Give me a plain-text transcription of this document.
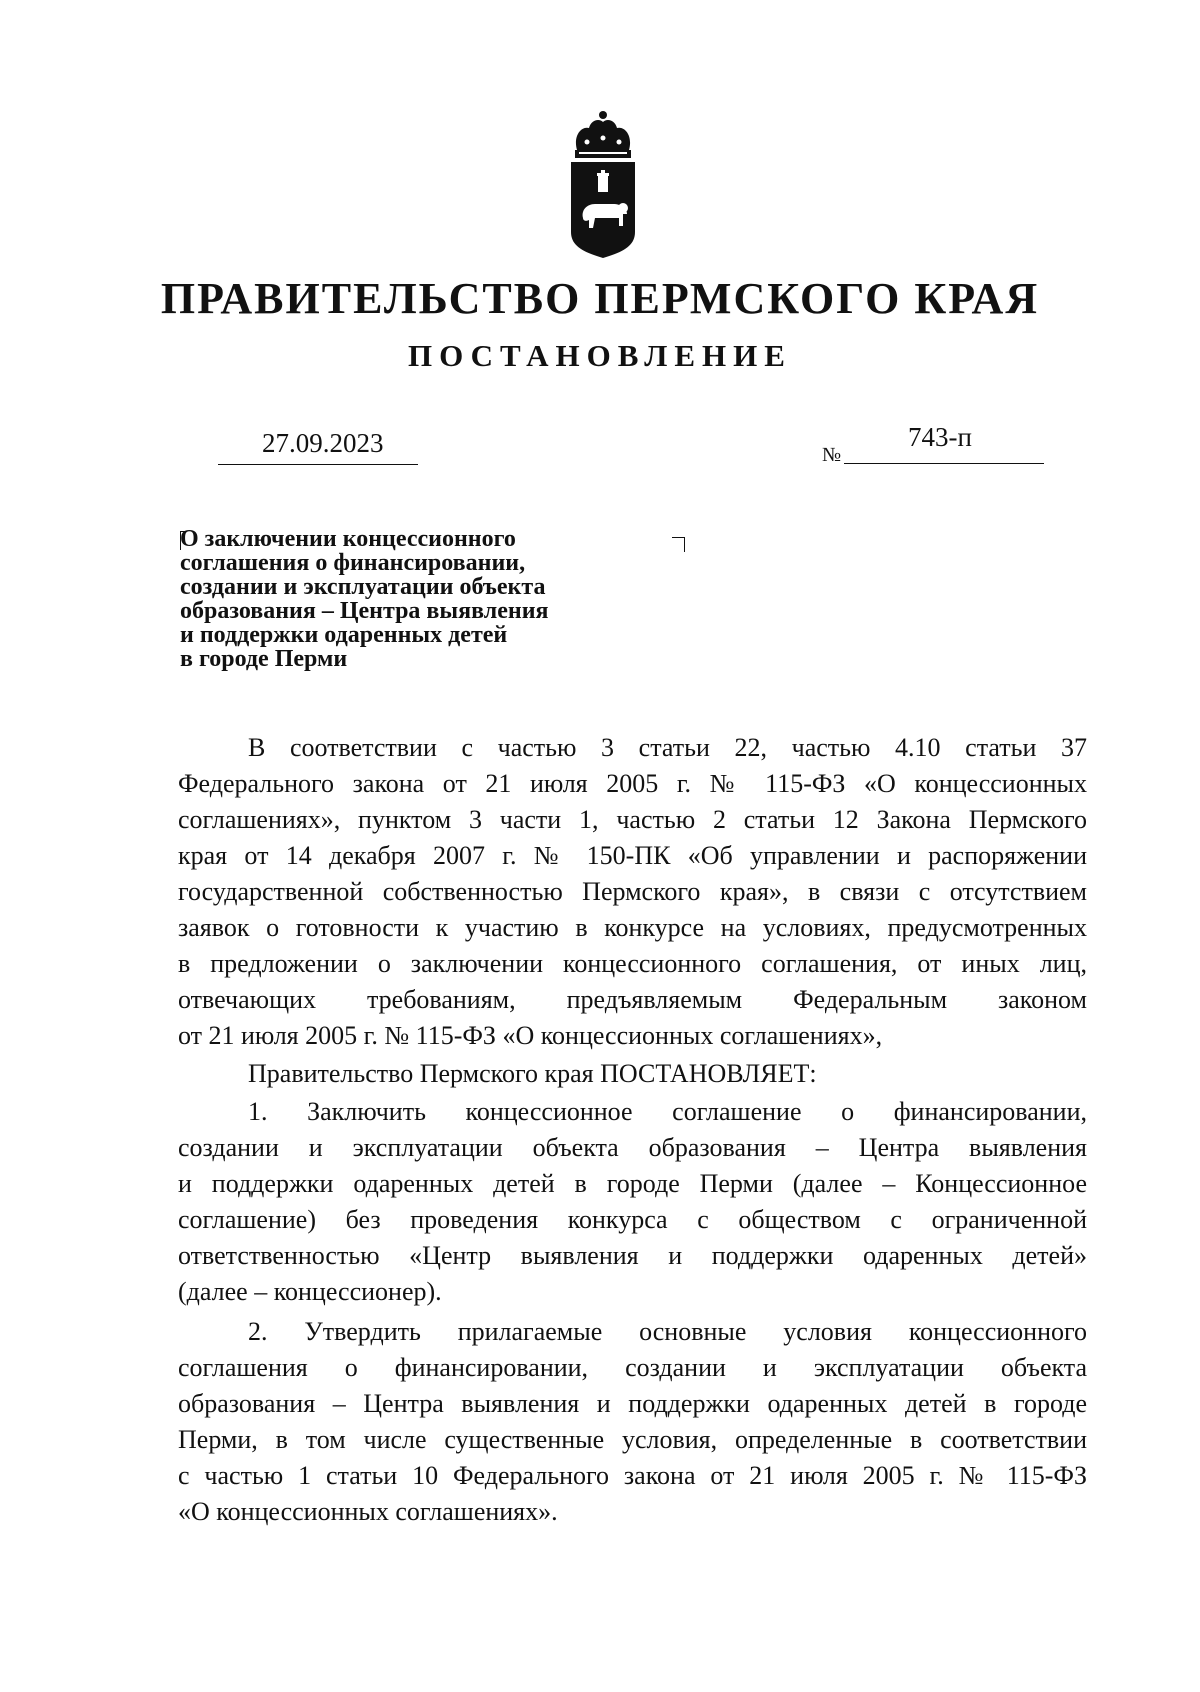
ПРАВИТЕЛЬСТВО ПЕРМСКОГО КРАЯ
ПОСТАНОВЛЕНИЕ
27.09.2023	№
743-п
О заключении концессионного
соглашения о финансировании,
создании и эксплуатации объекта
образования – Центра выявления
и поддержки одаренных детей
в городе Перми
В соответствии с частью 3 статьи 22, частью 4.10 статьи 37
Федерального закона от 21 июля 2005 г. № 115-ФЗ «О концессионных
соглашениях», пунктом 3 части 1, частью 2 статьи 12 Закона Пермского
края от 14 декабря 2007 г. № 150-ПК «Об управлении и распоряжении
государственной собственностью Пермского края», в связи с отсутствием
заявок о готовности к участию в конкурсе на условиях, предусмотренных
в предложении о заключении концессионного соглашения, от иных лиц,
отвечающих требованиям, предъявляемым Федеральным законом
от 21 июля 2005 г. № 115-ФЗ «О концессионных соглашениях»,
Правительство Пермского края ПОСТАНОВЛЯЕТ:
1. Заключить концессионное соглашение о финансировании,
создании и эксплуатации объекта образования – Центра выявления
и поддержки одаренных детей в городе Перми (далее – Концессионное
соглашение) без проведения конкурса с обществом с ограниченной
ответственностью «Центр выявления и поддержки одаренных детей»
(далее – концессионер).
2. Утвердить прилагаемые основные условия концессионного
соглашения о финансировании, создании и эксплуатации объекта
образования – Центра выявления и поддержки одаренных детей в городе
Перми, в том числе существенные условия, определенные в соответствии
с частью 1 статьи 10 Федерального закона от 21 июля 2005 г. № 115-ФЗ
«О концессионных соглашениях».
